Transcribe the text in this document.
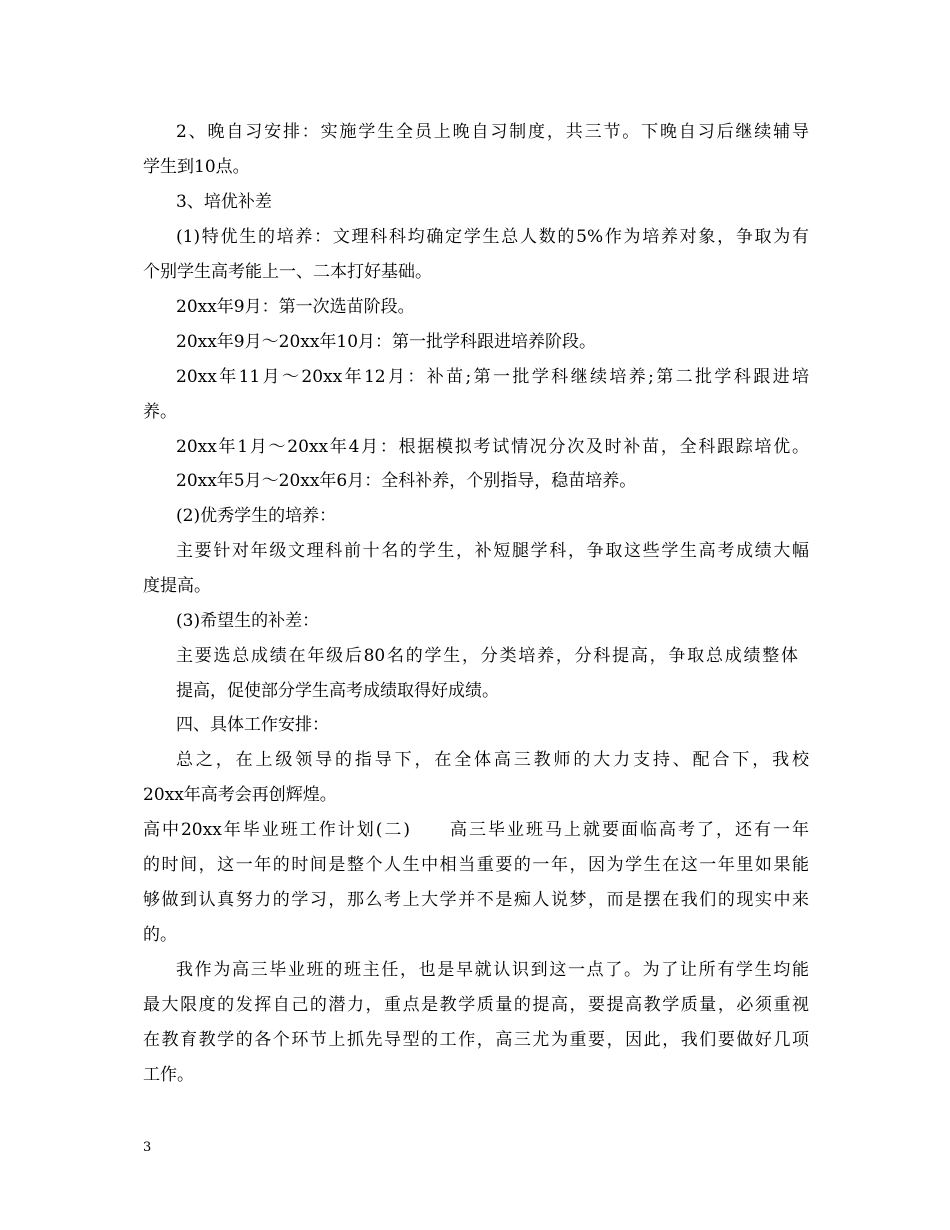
2、晚自习安排：实施学生全员上晚自习制度，共三节。下晚自习后继续辅导
学生到10点。
3、培优补差
(1)特优生的培养：文理科科均确定学生总人数的5%作为培养对象，争取为有
个别学生高考能上一、二本打好基础。
20xx年9月：第一次选苗阶段。
20xx年9月～20xx年10月：第一批学科跟进培养阶段。
20xx年11月～20xx年12月：补苗;第一批学科继续培养;第二批学科跟进培
养。
20xx年1月～20xx年4月：根据模拟考试情况分次及时补苗，全科跟踪培优。
20xx年5月～20xx年6月：全科补养，个别指导，稳苗培养。
(2)优秀学生的培养：
主要针对年级文理科前十名的学生，补短腿学科，争取这些学生高考成绩大幅
度提高。
(3)希望生的补差：
主要选总成绩在年级后80名的学生，分类培养，分科提高，争取总成绩整体
提高，促使部分学生高考成绩取得好成绩。
四、具体工作安排：
总之，在上级领导的指导下，在全体高三教师的大力支持、配合下，我校
20xx年高考会再创辉煌。
高中20xx年毕业班工作计划(二)　　高三毕业班马上就要面临高考了，还有一年
的时间，这一年的时间是整个人生中相当重要的一年，因为学生在这一年里如果能
够做到认真努力的学习，那么考上大学并不是痴人说梦，而是摆在我们的现实中来
的。
我作为高三毕业班的班主任，也是早就认识到这一点了。为了让所有学生均能
最大限度的发挥自己的潜力，重点是教学质量的提高，要提高教学质量，必须重视
在教育教学的各个环节上抓先导型的工作，高三尤为重要，因此，我们要做好几项
工作。
3
